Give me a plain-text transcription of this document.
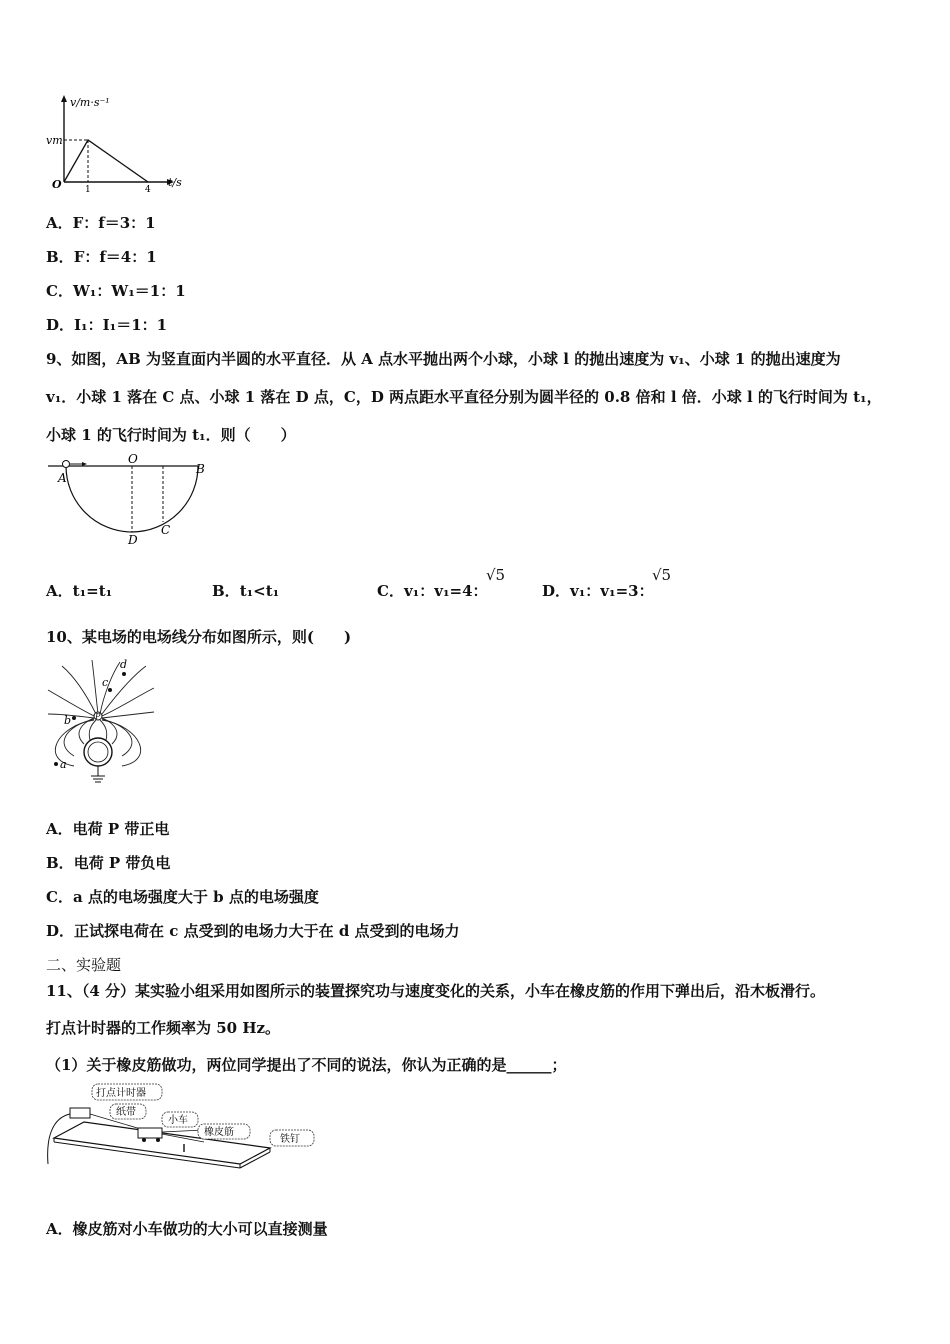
v/m·s⁻¹
vm
O	1	4
t/s
A．F：f＝3：1
B．F：f＝4：1
C．W₁：W₁＝1：1
D．I₁：I₁＝1：1
9、如图，AB 为竖直面内半圆的水平直径．从 A 点水平抛出两个小球，小球 l 的抛出速度为 v₁、小球 1 的抛出速度为
v₁．小球 1 落在 C 点、小球 1 落在 D 点，C，D 两点距水平直径分别为圆半径的 0.8 倍和 l 倍．小球 l 的飞行时间为 t₁，
小球 1 的飞行时间为 t₁．则（　　）
A
O
B
C
D
A．t₁=t₁	B．t₁<t₁	C．v₁：v₁=4：
√5
D．v₁：v₁=3：
√5
10、某电场的电场线分布如图所示，则(　　)
P
a
b
c
d
A．电荷 P 带正电
B．电荷 P 带负电
C．a 点的电场强度大于 b 点的电场强度
D．正试探电荷在 c 点受到的电场力大于在 d 点受到的电场力
二、实验题
11、（4 分）某实验小组采用如图所示的装置探究功与速度变化的关系，小车在橡皮筋的作用下弹出后，沿木板滑行。
打点计时器的工作频率为 50 Hz。
（1）关于橡皮筋做功，两位同学提出了不同的说法，你认为正确的是______；
打点计时器
纸带
小车
橡皮筋
铁钉
A．橡皮筋对小车做功的大小可以直接测量
